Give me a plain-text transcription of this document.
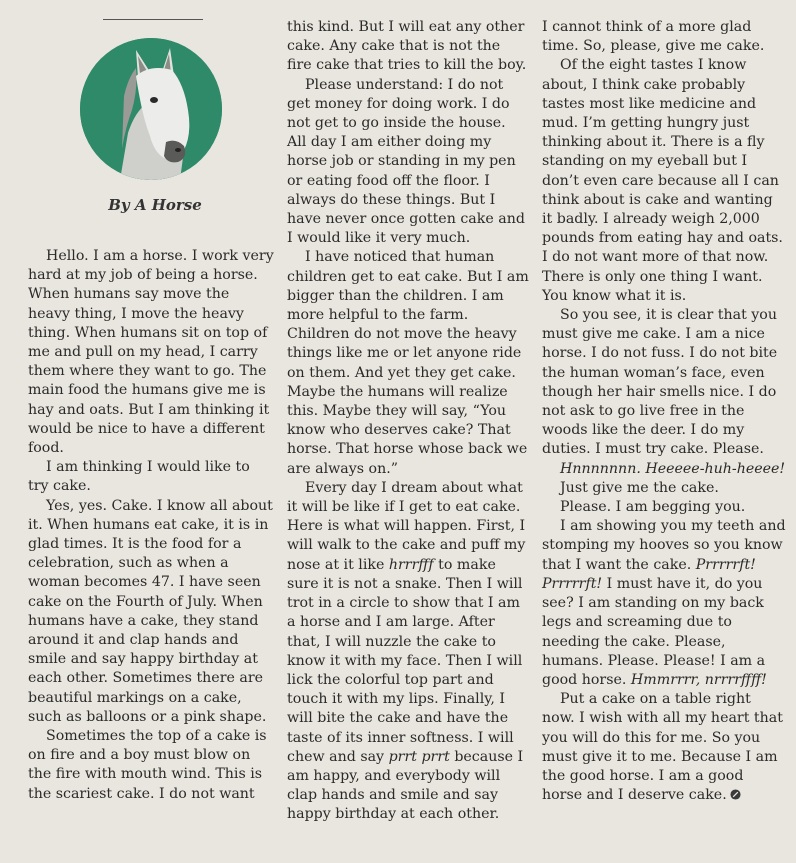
By A Horse

Hello. I am a horse. I work very hard at my job of being a horse. When humans say move the heavy thing, I move the heavy thing. When humans sit on top of me and pull on my head, I carry them where they want to go. The main food the humans give me is hay and oats. But I am thinking it would be nice to have a different food.

I am thinking I would like to try cake.

Yes, yes. Cake. I know all about it. When humans eat cake, it is in glad times. It is the food for a celebration, such as when a woman becomes 47. I have seen cake on the Fourth of July. When humans have a cake, they stand around it and clap hands and smile and say happy birthday at each other. Sometimes there are beautiful markings on a cake, such as balloons or a pink shape.

Sometimes the top of a cake is on fire and a boy must blow on the fire with mouth wind. This is the scariest cake. I do not want

this kind. But I will eat any other cake. Any cake that is not the fire cake that tries to kill the boy.

Please understand: I do not get money for doing work. I do not get to go inside the house. All day I am either doing my horse job or standing in my pen or eating food off the floor. I always do these things. But I have never once gotten cake and I would like it very much.

I have noticed that human children get to eat cake. But I am bigger than the children. I am more helpful to the farm. Children do not move the heavy things like me or let anyone ride on them. And yet they get cake. Maybe the humans will realize this. Maybe they will say, “You know who deserves cake? That horse. That horse whose back we are always on.”

Every day I dream about what it will be like if I get to eat cake. Here is what will happen. First, I will walk to the cake and puff my nose at it like hrrrfff to make sure it is not a snake. Then I will trot in a circle to show that I am a horse and I am large. After that, I will nuzzle the cake to know it with my face. Then I will lick the colorful top part and touch it with my lips. Finally, I will bite the cake and have the taste of its inner softness. I will chew and say prrt prrt because I am happy, and everybody will clap hands and smile and say happy birthday at each other.

I cannot think of a more glad time. So, please, give me cake.

Of the eight tastes I know about, I think cake probably tastes most like medicine and mud. I’m getting hungry just thinking about it. There is a fly standing on my eyeball but I don’t even care because all I can think about is cake and wanting it badly. I already weigh 2,000 pounds from eating hay and oats. I do not want more of that now. There is only one thing I want. You know what it is.

So you see, it is clear that you must give me cake. I am a nice horse. I do not fuss. I do not bite the human woman’s face, even though her hair smells nice. I do not ask to go live free in the woods like the deer. I do my duties. I must try cake. Please.

Hnnnnnnn. Heeeee-huh-heeee!

Just give me the cake.

Please. I am begging you.

I am showing you my teeth and stomping my hooves so you know that I want the cake. Prrrrrft! Prrrrrft! I must have it, do you see? I am standing on my back legs and screaming due to needing the cake. Please, humans. Please. Please! I am a good horse. Hmmrrrr, nrrrrffff!

Put a cake on a table right now. I wish with all my heart that you will do this for me. So you must give it to me. Because I am the good horse. I am a good horse and I deserve cake.
